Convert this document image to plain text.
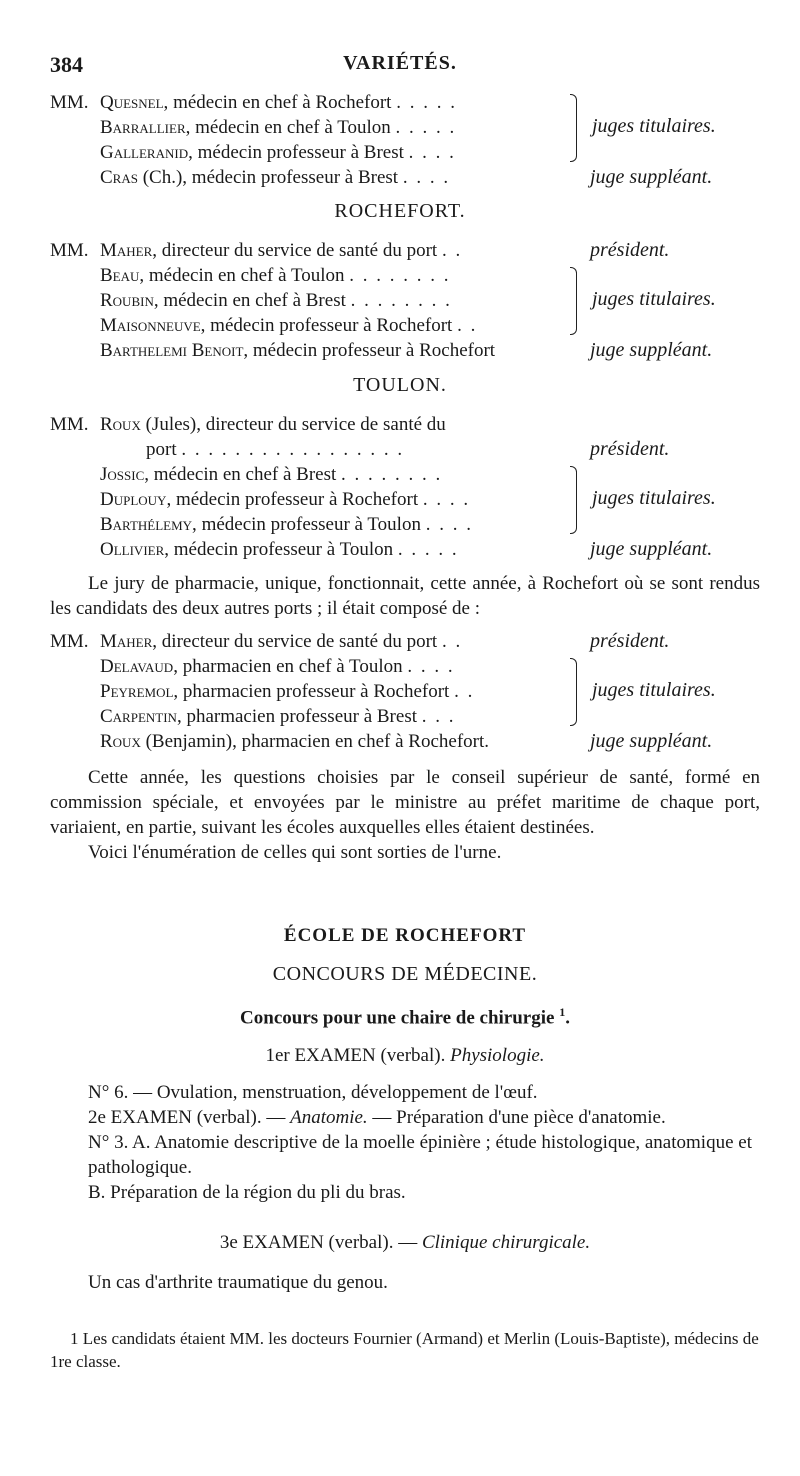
384	VARIÉTÉS.
MM. Quesnel, médecin en chef à Rochefort . . . . .
Barrallier, médecin en chef à Toulon . . . . .
Galleranid, médecin professeur à Brest . . . .
juges titulaires.
Cras (Ch.), médecin professeur à Brest . . . .	juge suppléant.
ROCHEFORT.
MM. Maher, directeur du service de santé du port . .	président.
Beau, médecin en chef à Toulon . . . . . . . .
Roubin, médecin en chef à Brest . . . . . . . .
Maisonneuve, médecin professeur à Rochefort . .
juges titulaires.
Barthelemi Benoit, médecin professeur à Rochefort	juge suppléant.
TOULON.
MM. Roux (Jules), directeur du service de santé du
port . . . . . . . . . . . . . . . . .	président.
Jossic, médecin en chef à Brest . . . . . . . .
Duplouy, médecin professeur à Rochefort . . . .
Barthélemy, médecin professeur à Toulon . . . .
juges titulaires.
Ollivier, médecin professeur à Toulon . . . . .	juge suppléant.

Le jury de pharmacie, unique, fonctionnait, cette année, à Rochefort où se sont rendus les candidats des deux autres ports ; il était composé de :

MM. Maher, directeur du service de santé du port . .	président.
Delavaud, pharmacien en chef à Toulon . . . .
Peyremol, pharmacien professeur à Rochefort . .
Carpentin, pharmacien professeur à Brest . . .
juges titulaires.
Roux (Benjamin), pharmacien en chef à Rochefort.	juge suppléant.

Cette année, les questions choisies par le conseil supérieur de santé, formé en commission spéciale, et envoyées par le ministre au préfet maritime de chaque port, variaient, en partie, suivant les écoles auxquelles elles étaient destinées.

Voici l'énumération de celles qui sont sorties de l'urne.

ÉCOLE DE ROCHEFORT
CONCOURS DE MÉDECINE.
Concours pour une chaire de chirurgie $^1$.
1er EXAMEN (verbal). Physiologie.

N° 6. — Ovulation, menstruation, développement de l'œuf.

2e EXAMEN (verbal). — Anatomie. — Préparation d'une pièce d'anatomie.

N° 3. A. Anatomie descriptive de la moelle épinière ; étude histologique, anatomique et pathologique.

B. Préparation de la région du pli du bras.

3e EXAMEN (verbal). — Clinique chirurgicale.

Un cas d'arthrite traumatique du genou.

1 Les candidats étaient MM. les docteurs Fournier (Armand) et Merlin (Louis-Baptiste), médecins de 1re classe.
